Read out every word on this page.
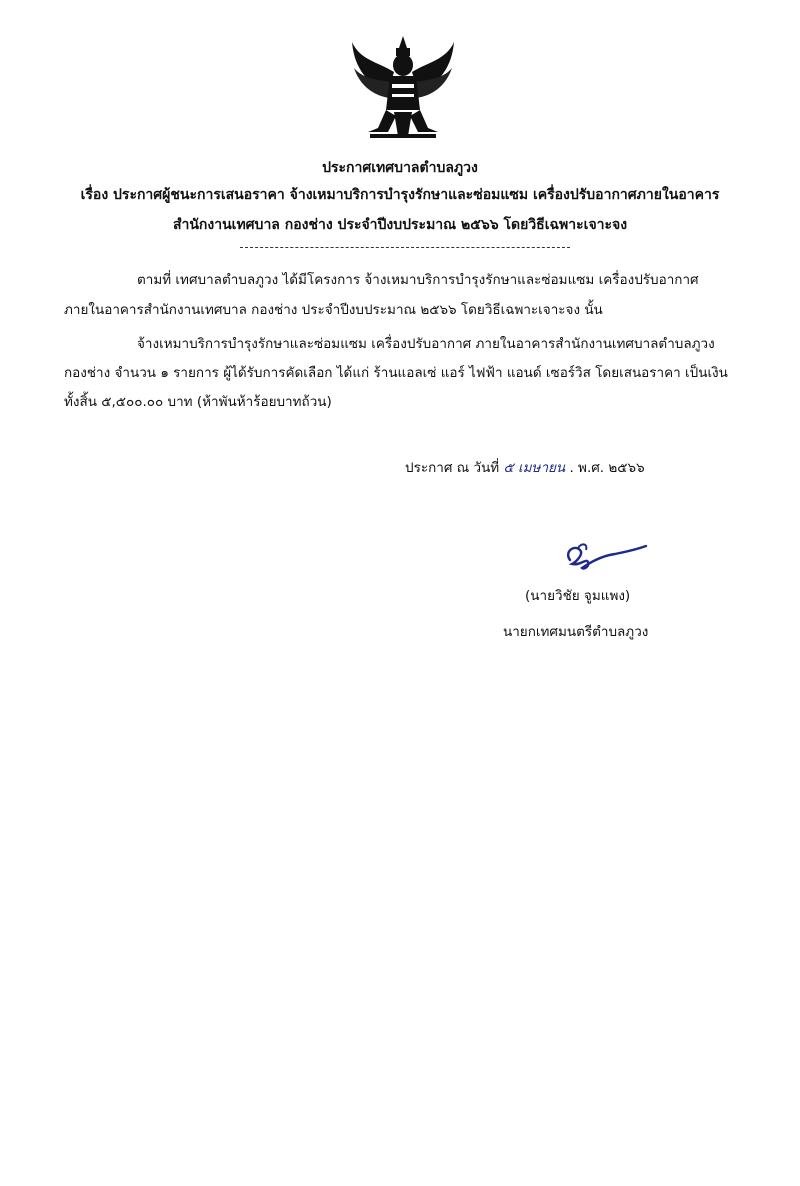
ประกาศเทศบาลตำบลภูวง
เรื่อง ประกาศผู้ชนะการเสนอราคา จ้างเหมาบริการบำรุงรักษาและซ่อมแซม เครื่องปรับอากาศภายในอาคาร
สำนักงานเทศบาล กองช่าง ประจำปีงบประมาณ ๒๕๖๖ โดยวิธีเฉพาะเจาะจง
ตามที่ เทศบาลตำบลภูวง ได้มีโครงการ จ้างเหมาบริการบำรุงรักษาและซ่อมแซม เครื่องปรับอากาศ
ภายในอาคารสำนักงานเทศบาล กองช่าง ประจำปีงบประมาณ ๒๕๖๖ โดยวิธีเฉพาะเจาะจง นั้น
จ้างเหมาบริการบำรุงรักษาและซ่อมแซม เครื่องปรับอากาศ ภายในอาคารสำนักงานเทศบาลตำบลภูวง
กองช่าง จำนวน ๑ รายการ ผู้ได้รับการคัดเลือก ได้แก่ ร้านแอลเซ่ แอร์ ไฟฟ้า แอนด์ เซอร์วิส โดยเสนอราคา เป็นเงิน
ทั้งสิ้น ๕,๕๐๐.๐๐ บาท (ห้าพันห้าร้อยบาทถ้วน)
ประกาศ ณ วันที่ ๕ เมษายน . พ.ศ. ๒๕๖๖
(นายวิชัย จูมแพง)
นายกเทศมนตรีตำบลภูวง
